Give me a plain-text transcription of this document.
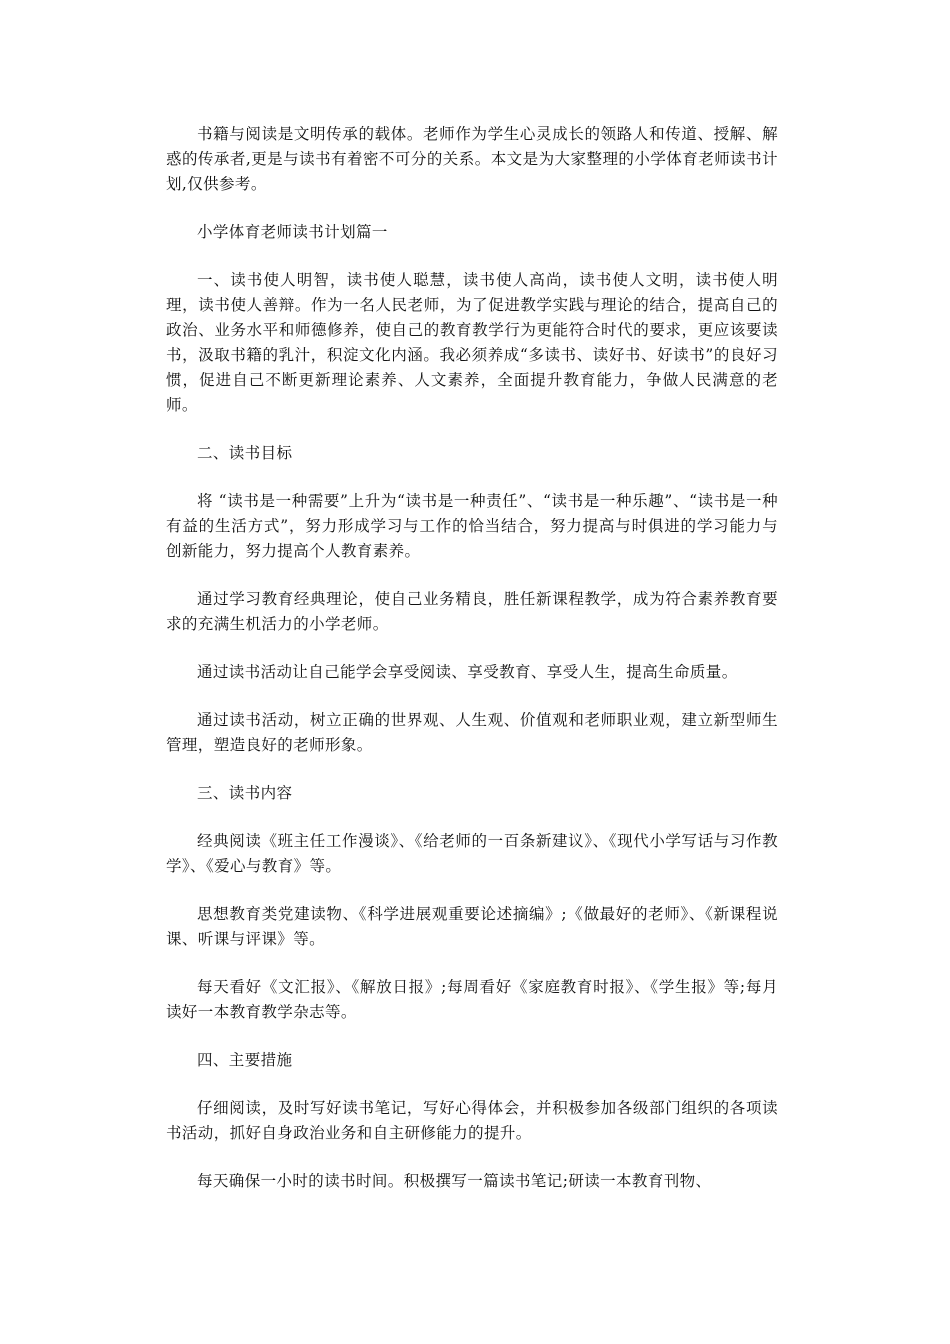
书籍与阅读是文明传承的载体。老师作为学生心灵成长的领路人和传道、授解、解惑的传承者,更是与读书有着密不可分的关系。本文是为大家整理的小学体育老师读书计划,仅供参考。

小学体育老师读书计划篇一

一、读书使人明智，读书使人聪慧，读书使人高尚，读书使人文明，读书使人明理，读书使人善辩。作为一名人民老师，为了促进教学实践与理论的结合，提高自己的政治、业务水平和师德修养，使自己的教育教学行为更能符合时代的要求，更应该要读书，汲取书籍的乳汁，积淀文化内涵。我必须养成“多读书、读好书、好读书”的良好习惯，促进自己不断更新理论素养、人文素养，全面提升教育能力，争做人民满意的老师。

二、读书目标

将 “读书是一种需要”上升为“读书是一种责任”、“读书是一种乐趣”、“读书是一种有益的生活方式”，努力形成学习与工作的恰当结合，努力提高与时俱进的学习能力与创新能力，努力提高个人教育素养。

通过学习教育经典理论，使自己业务精良，胜任新课程教学，成为符合素养教育要求的充满生机活力的小学老师。

通过读书活动让自己能学会享受阅读、享受教育、享受人生，提高生命质量。

通过读书活动，树立正确的世界观、人生观、价值观和老师职业观，建立新型师生管理，塑造良好的老师形象。

三、读书内容

经典阅读《班主任工作漫谈》、《给老师的一百条新建议》、《现代小学写话与习作教学》、《爱心与教育》等。

思想教育类党建读物、《科学进展观重要论述摘编》;《做最好的老师》、《新课程说课、听课与评课》等。

每天看好《文汇报》、《解放日报》;每周看好《家庭教育时报》、《学生报》等;每月读好一本教育教学杂志等。

四、主要措施

仔细阅读，及时写好读书笔记，写好心得体会，并积极参加各级部门组织的各项读书活动，抓好自身政治业务和自主研修能力的提升。

每天确保一小时的读书时间。积极撰写一篇读书笔记;研读一本教育刊物、
